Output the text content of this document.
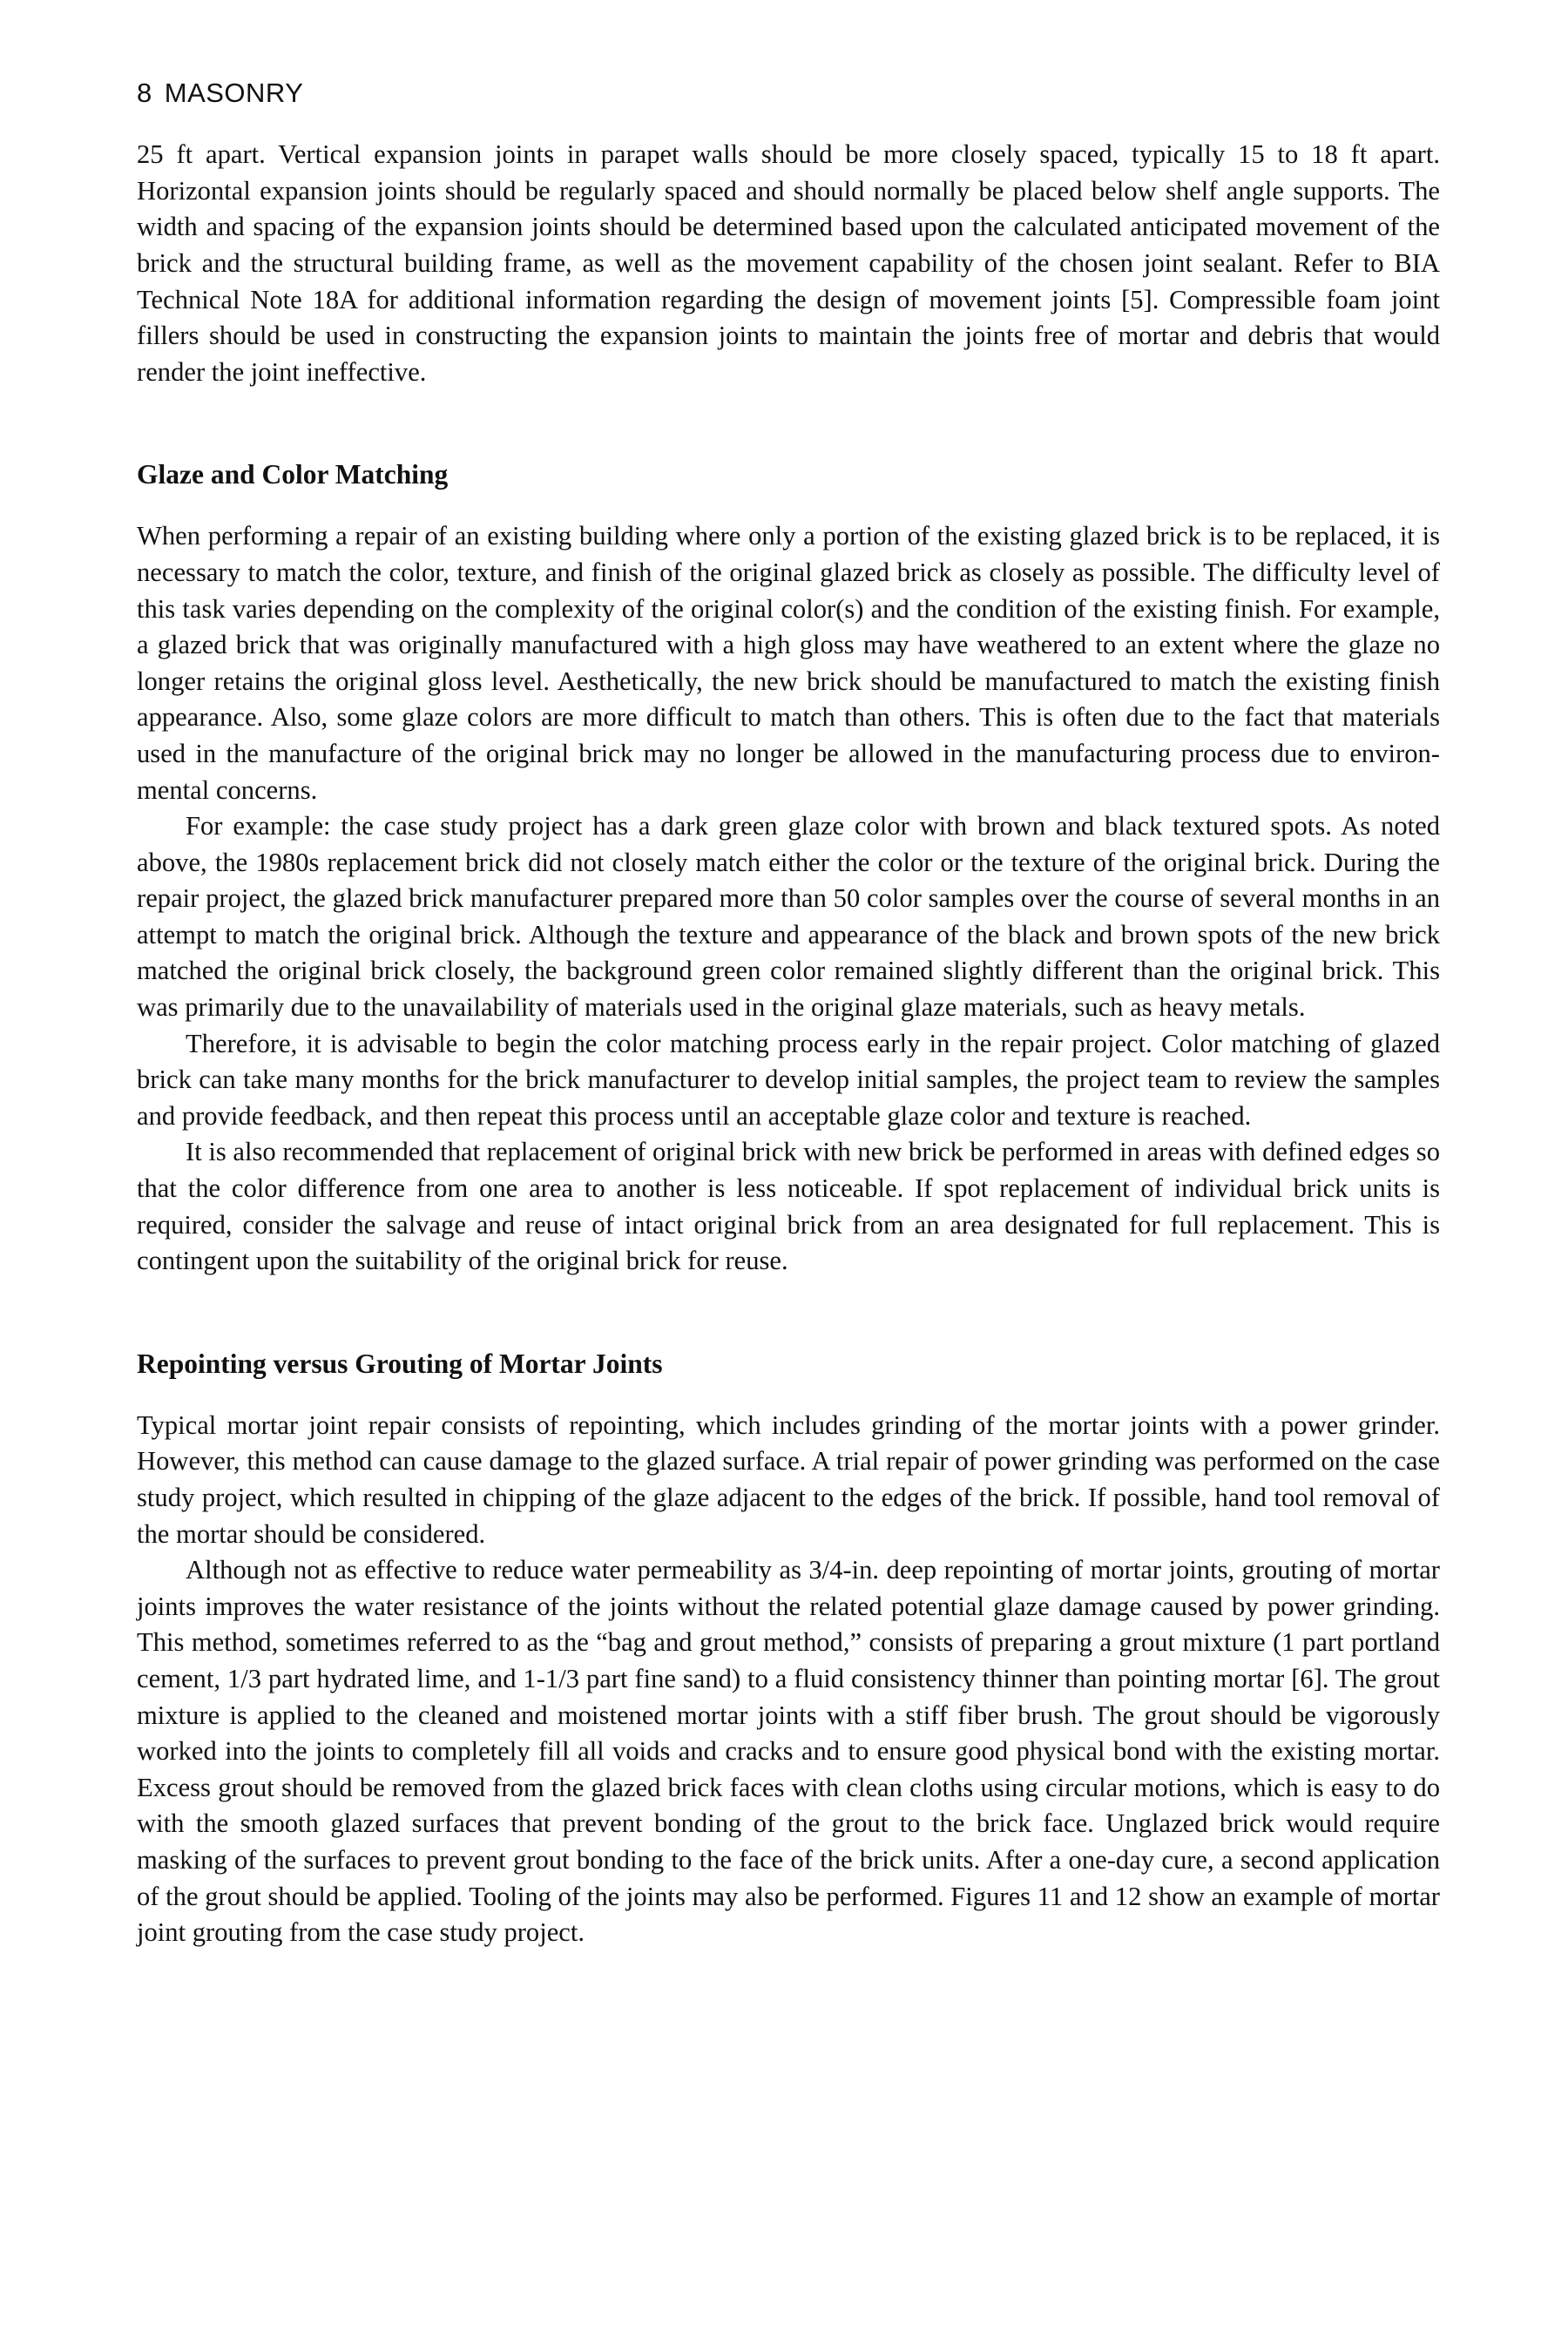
8 MASONRY

25 ft apart. Vertical expansion joints in parapet walls should be more closely spaced, typically 15 to 18 ft apart. Horizontal expansion joints should be regularly spaced and should normally be placed below shelf angle supports. The width and spacing of the expansion joints should be determined based upon the calculated anticipated movement of the brick and the structural building frame, as well as the movement capability of the chosen joint sealant. Refer to BIA Technical Note 18A for additional information regarding the design of movement joints [5]. Compressible foam joint fillers should be used in constructing the expansion joints to maintain the joints free of mortar and debris that would render the joint ineffective.

Glaze and Color Matching

When performing a repair of an existing building where only a portion of the existing glazed brick is to be replaced, it is necessary to match the color, texture, and finish of the original glazed brick as closely as possible. The difficulty level of this task varies depending on the complexity of the original color(s) and the condition of the existing finish. For example, a glazed brick that was originally manufactured with a high gloss may have weathered to an extent where the glaze no longer retains the original gloss level. Aesthetically, the new brick should be manufactured to match the existing finish appearance. Also, some glaze colors are more difficult to match than others. This is often due to the fact that materials used in the manufacture of the original brick may no longer be allowed in the manufacturing process due to environmental concerns.

For example: the case study project has a dark green glaze color with brown and black textured spots. As noted above, the 1980s replacement brick did not closely match either the color or the texture of the original brick. During the repair project, the glazed brick manufacturer prepared more than 50 color samples over the course of several months in an attempt to match the original brick. Although the texture and appearance of the black and brown spots of the new brick matched the original brick closely, the background green color remained slightly different than the original brick. This was primarily due to the unavailability of materials used in the original glaze materials, such as heavy metals.

Therefore, it is advisable to begin the color matching process early in the repair project. Color matching of glazed brick can take many months for the brick manufacturer to develop initial samples, the project team to review the samples and provide feedback, and then repeat this process until an acceptable glaze color and texture is reached.

It is also recommended that replacement of original brick with new brick be performed in areas with defined edges so that the color difference from one area to another is less noticeable. If spot replacement of individual brick units is required, consider the salvage and reuse of intact original brick from an area designated for full replacement. This is contingent upon the suitability of the original brick for reuse.

Repointing versus Grouting of Mortar Joints

Typical mortar joint repair consists of repointing, which includes grinding of the mortar joints with a power grinder. However, this method can cause damage to the glazed surface. A trial repair of power grinding was performed on the case study project, which resulted in chipping of the glaze adjacent to the edges of the brick. If possible, hand tool removal of the mortar should be considered.

Although not as effective to reduce water permeability as 3/4-in. deep repointing of mortar joints, grouting of mortar joints improves the water resistance of the joints without the related potential glaze damage caused by power grinding. This method, sometimes referred to as the “bag and grout method,” consists of preparing a grout mixture (1 part portland cement, 1/3 part hydrated lime, and 1-1/3 part fine sand) to a fluid consistency thinner than pointing mortar [6]. The grout mixture is applied to the cleaned and moistened mortar joints with a stiff fiber brush. The grout should be vigorously worked into the joints to completely fill all voids and cracks and to ensure good physical bond with the existing mortar. Excess grout should be removed from the glazed brick faces with clean cloths using circular motions, which is easy to do with the smooth glazed surfaces that prevent bonding of the grout to the brick face. Unglazed brick would require masking of the surfaces to prevent grout bonding to the face of the brick units. After a one-day cure, a second application of the grout should be applied. Tooling of the joints may also be performed. Figures 11 and 12 show an example of mortar joint grouting from the case study project.
